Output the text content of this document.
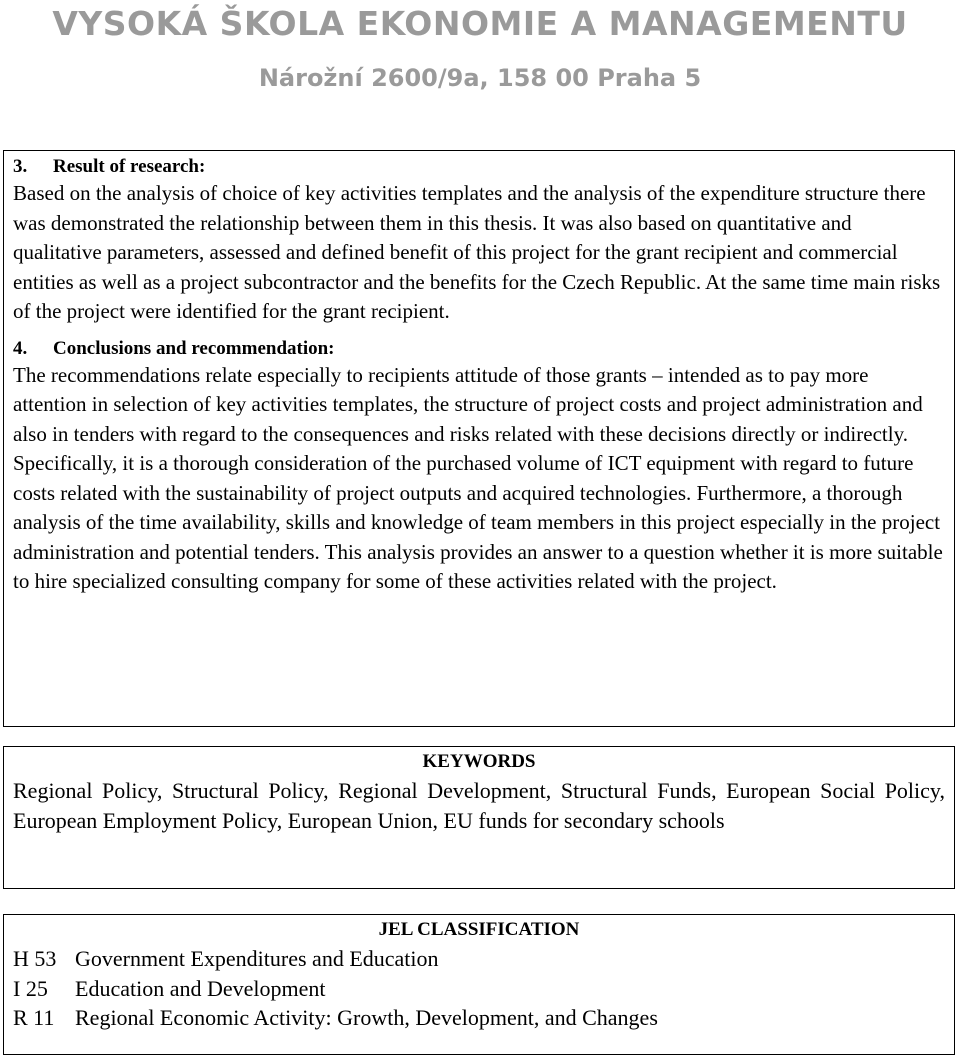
VYSOKÁ ŠKOLA EKONOMIE A MANAGEMENTU
Nárožní 2600/9a, 158 00 Praha 5
3. Result of research:
Based on the analysis of choice of key activities templates and the analysis of the expenditure structure there was demonstrated the relationship between them in this thesis. It was also based on quantitative and qualitative parameters, assessed and defined benefit of this project for the grant recipient and commercial entities as well as a project subcontractor and the benefits for the Czech Republic. At the same time main risks of the project were identified for the grant recipient.
4. Conclusions and recommendation:
The recommendations relate especially to recipients attitude of those grants – intended as to pay more attention in selection of key activities templates, the structure of project costs and project administration and also in tenders with regard to the consequences and risks related with these decisions directly or indirectly. Specifically, it is a thorough consideration of the purchased volume of ICT equipment with regard to future costs related with the sustainability of project outputs and acquired technologies. Furthermore, a thorough analysis of the time availability, skills and knowledge of team members in this project especially in the project administration and potential tenders. This analysis provides an answer to a question whether it is more suitable to hire specialized consulting company for some of these activities related with the project.
KEYWORDS
Regional Policy, Structural Policy, Regional Development, Structural Funds, European Social Policy, European Employment Policy, European Union, EU funds for secondary schools
JEL CLASSIFICATION
H 53 Government Expenditures and Education
I 25 Education and Development
R 11 Regional Economic Activity: Growth, Development, and Changes
